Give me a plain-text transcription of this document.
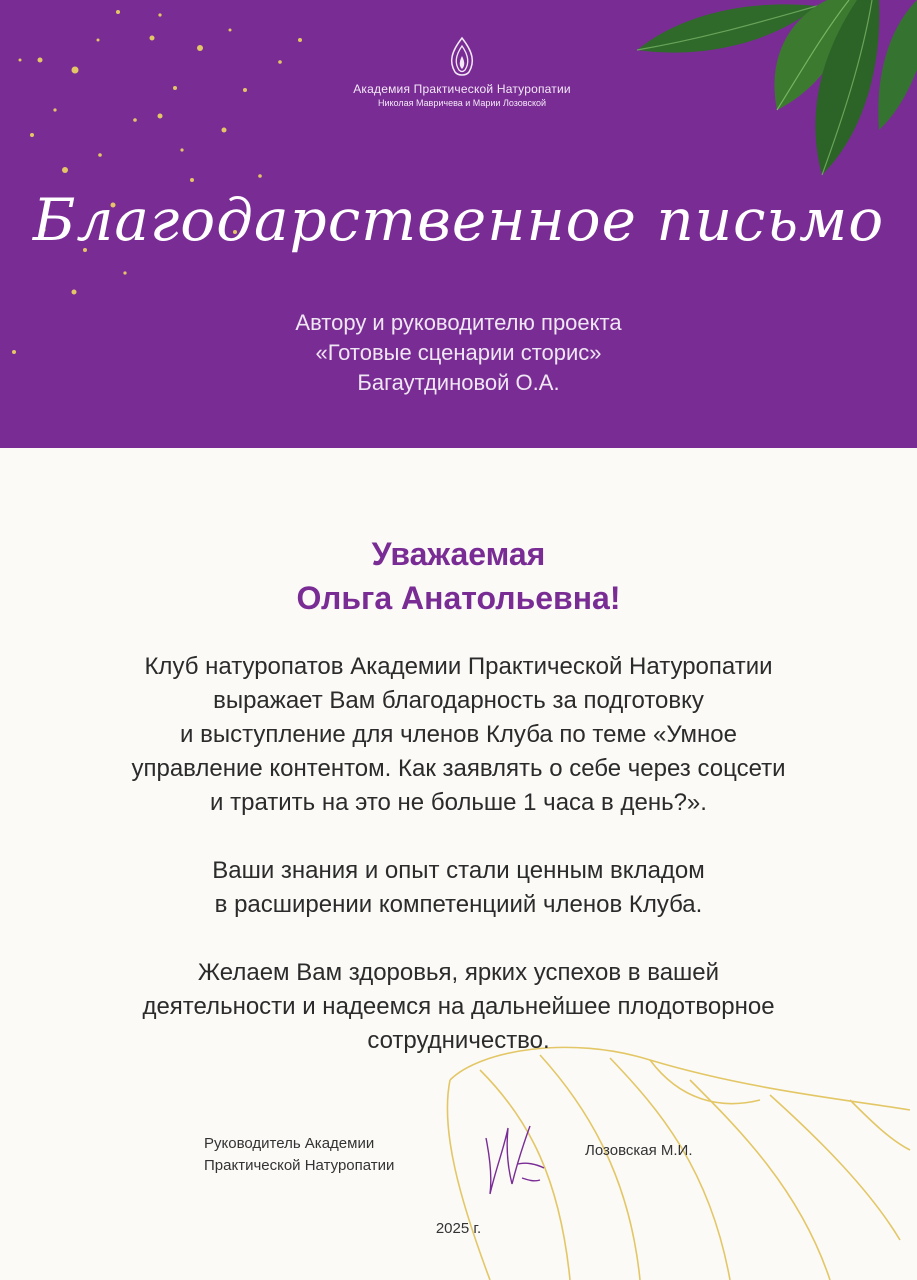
Академия Практической Натуропатии
Николая Мавричева и Марии Лозовской
Благодарственное письмо
Автору и руководителю проекта
«Готовые сценарии сторис»
Багаутдиновой О.А.
Уважаемая
Ольга Анатольевна!
Клуб натуропатов Академии Практической Натуропатии
выражает Вам благодарность за подготовку
и выступление для членов Клуба по теме «Умное
управление контентом. Как заявлять о себе через соцсети
и тратить на это не больше 1 часа в день?».
Ваши знания и опыт стали ценным вкладом
в расширении компетенциий членов Клуба.
Желаем Вам здоровья, ярких успехов в вашей
деятельности и надеемся на дальнейшее плодотворное
сотрудничество.
Руководитель Академии
Практической Натуропатии
Лозовская М.И.
2025 г.
